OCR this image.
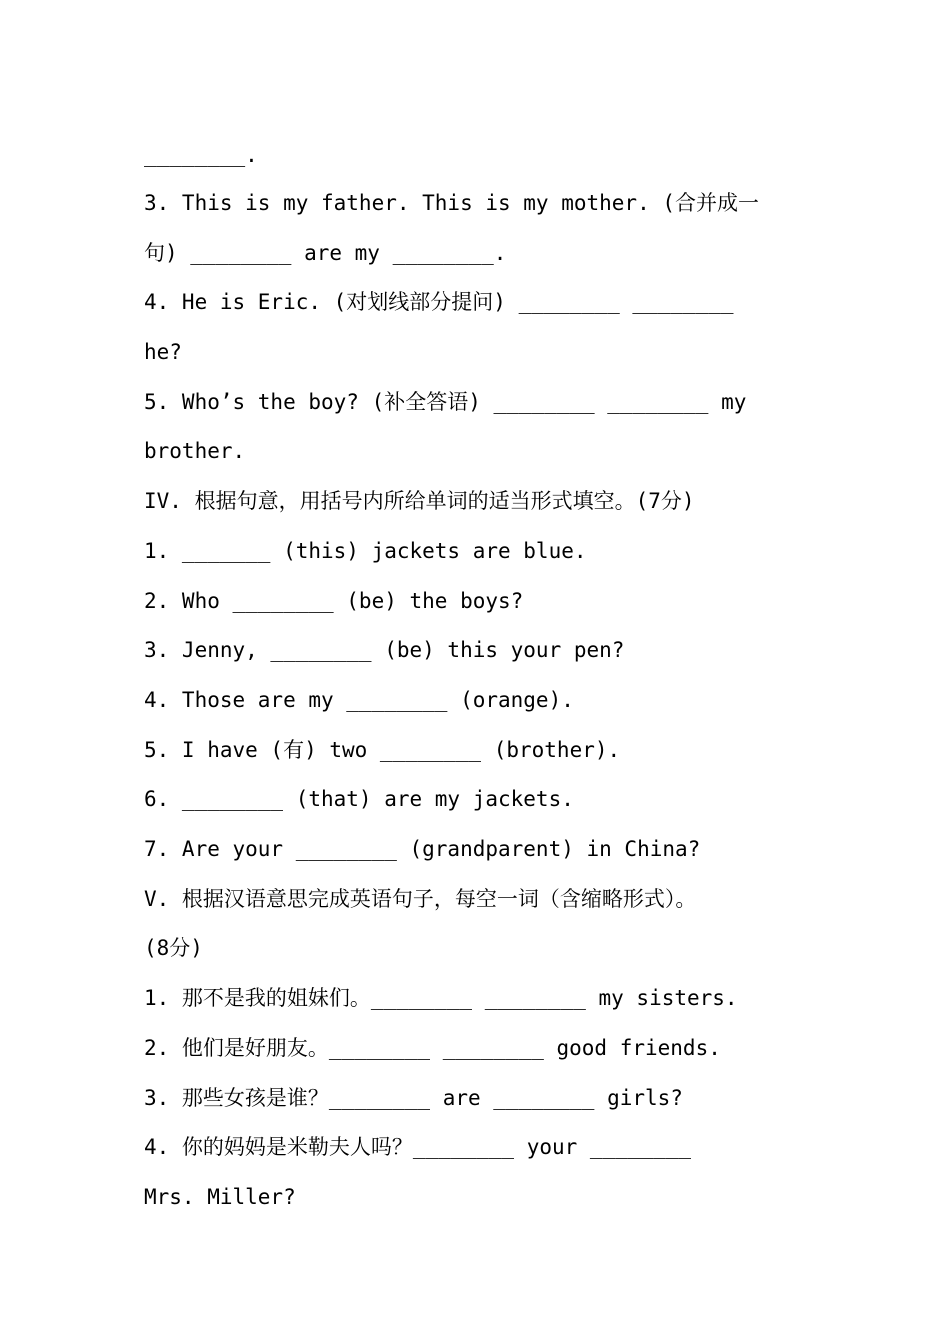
________.
3. This is my father. This is my mother. (合并成一
句) ________ are my ________.
4. He is Eric. (对划线部分提问) ________ ________
he?
5. Who’s the boy? (补全答语) ________ ________ my
brother.
IV. 根据句意，用括号内所给单词的适当形式填空。(7分)
1. _______ (this) jackets are blue.
2. Who ________ (be) the boys?
3. Jenny, ________ (be) this your pen?
4. Those are my ________ (orange).
5. I have (有) two ________ (brother).
6. ________ (that) are my jackets.
7. Are your ________ (grandparent) in China?
V. 根据汉语意思完成英语句子，每空一词（含缩略形式）。
(8分)
1. 那不是我的姐妹们。________ ________ my sisters.
2. 他们是好朋友。________ ________ good friends.
3. 那些女孩是谁？________ are ________ girls?
4. 你的妈妈是米勒夫人吗？________ your ________
Mrs. Miller?
